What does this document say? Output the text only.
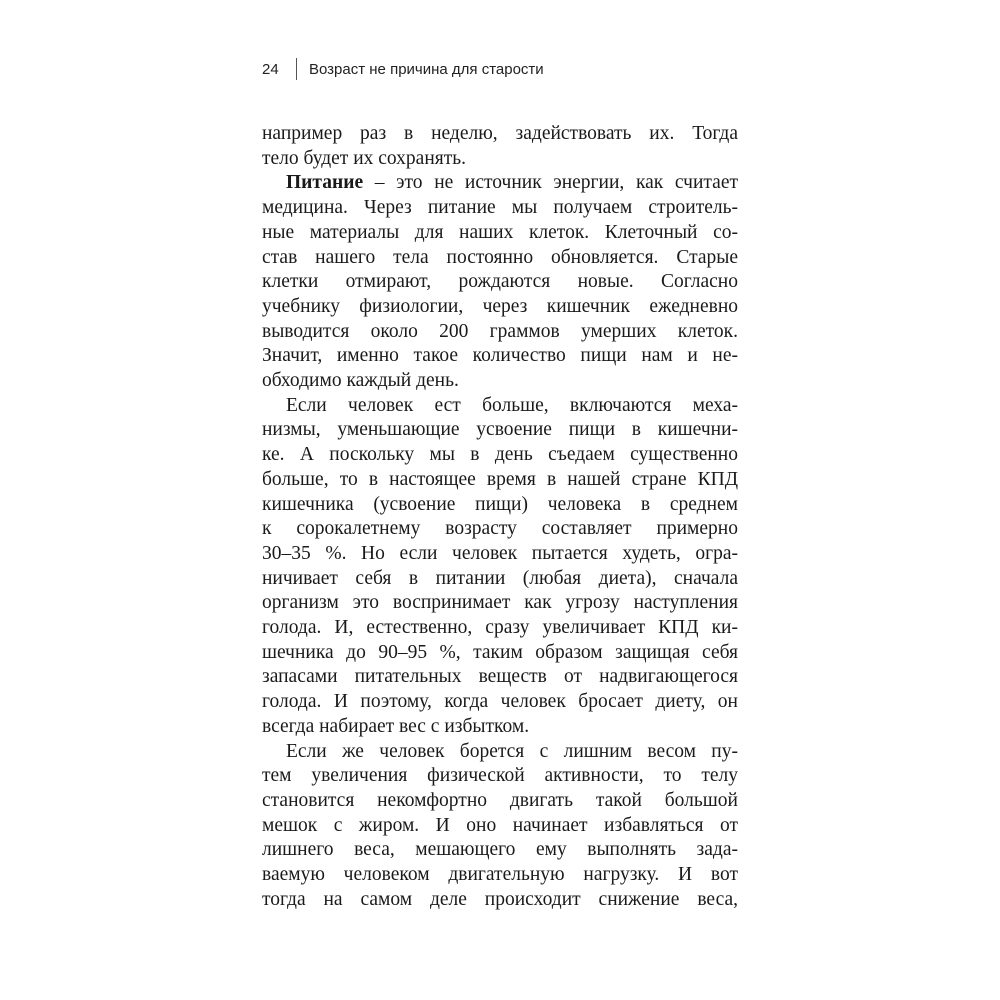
24	Возраст не причина для старости
например раз в неделю, задействовать их. Тогда
тело будет их сохранять.
Питание – это не источник энергии, как считает
медицина. Через питание мы получаем строитель-
ные материалы для наших клеток. Клеточный со-
став нашего тела постоянно обновляется. Старые
клетки отмирают, рождаются новые. Согласно
учебнику физиологии, через кишечник ежедневно
выводится около 200 граммов умерших клеток.
Значит, именно такое количество пищи нам и не-
обходимо каждый день.
Если человек ест больше, включаются меха-
низмы, уменьшающие усвоение пищи в кишечни-
ке. А поскольку мы в день съедаем существенно
больше, то в настоящее время в нашей стране КПД
кишечника (усвоение пищи) человека в среднем
к сорокалетнему возрасту составляет примерно
30–35 %. Но если человек пытается худеть, огра-
ничивает себя в питании (любая диета), сначала
организм это воспринимает как угрозу наступления
голода. И, естественно, сразу увеличивает КПД ки-
шечника до 90–95 %, таким образом защищая себя
запасами питательных веществ от надвигающегося
голода. И поэтому, когда человек бросает диету, он
всегда набирает вес с избытком.
Если же человек борется с лишним весом пу-
тем увеличения физической активности, то телу
становится некомфортно двигать такой большой
мешок с жиром. И оно начинает избавляться от
лишнего веса, мешающего ему выполнять зада-
ваемую человеком двигательную нагрузку. И вот
тогда на самом деле происходит снижение веса,
